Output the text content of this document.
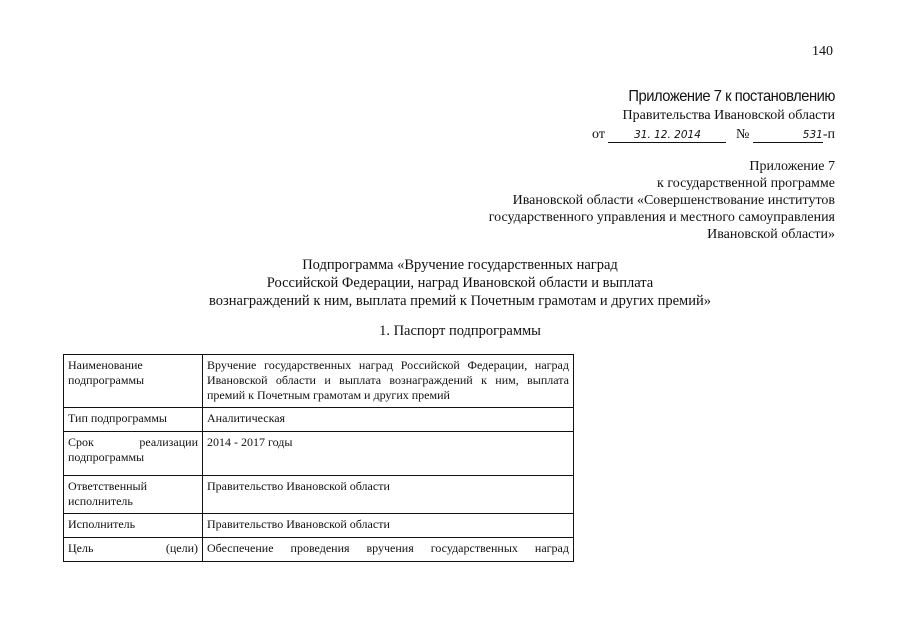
140
Приложение 7 к постановлению
Правительства Ивановской области
от	31. 12. 2014	№	531-п
Приложение 7
к государственной программе
Ивановской области «Совершенствование институтов
государственного управления и местного самоуправления
Ивановской области»
Подпрограмма «Вручение государственных наград
Российской Федерации, наград Ивановской области и выплата
вознаграждений к ним, выплата премий к Почетным грамотам и других премий»
1. Паспорт подпрограммы
Наименование
подпрограммы	Вручение государственных наград Российской Федерации, наград Ивановской области и выплата вознаграждений к ним, выплата премий к Почетным грамотам и других премий

Тип подпрограммы	Аналитическая

Срок реализации
подпрограммы	2014 - 2017 годы

Ответственный
исполнитель	Правительство Ивановской области

Исполнитель	Правительство Ивановской области

Цель (цели)	Обеспечение проведения вручения государственных наград
